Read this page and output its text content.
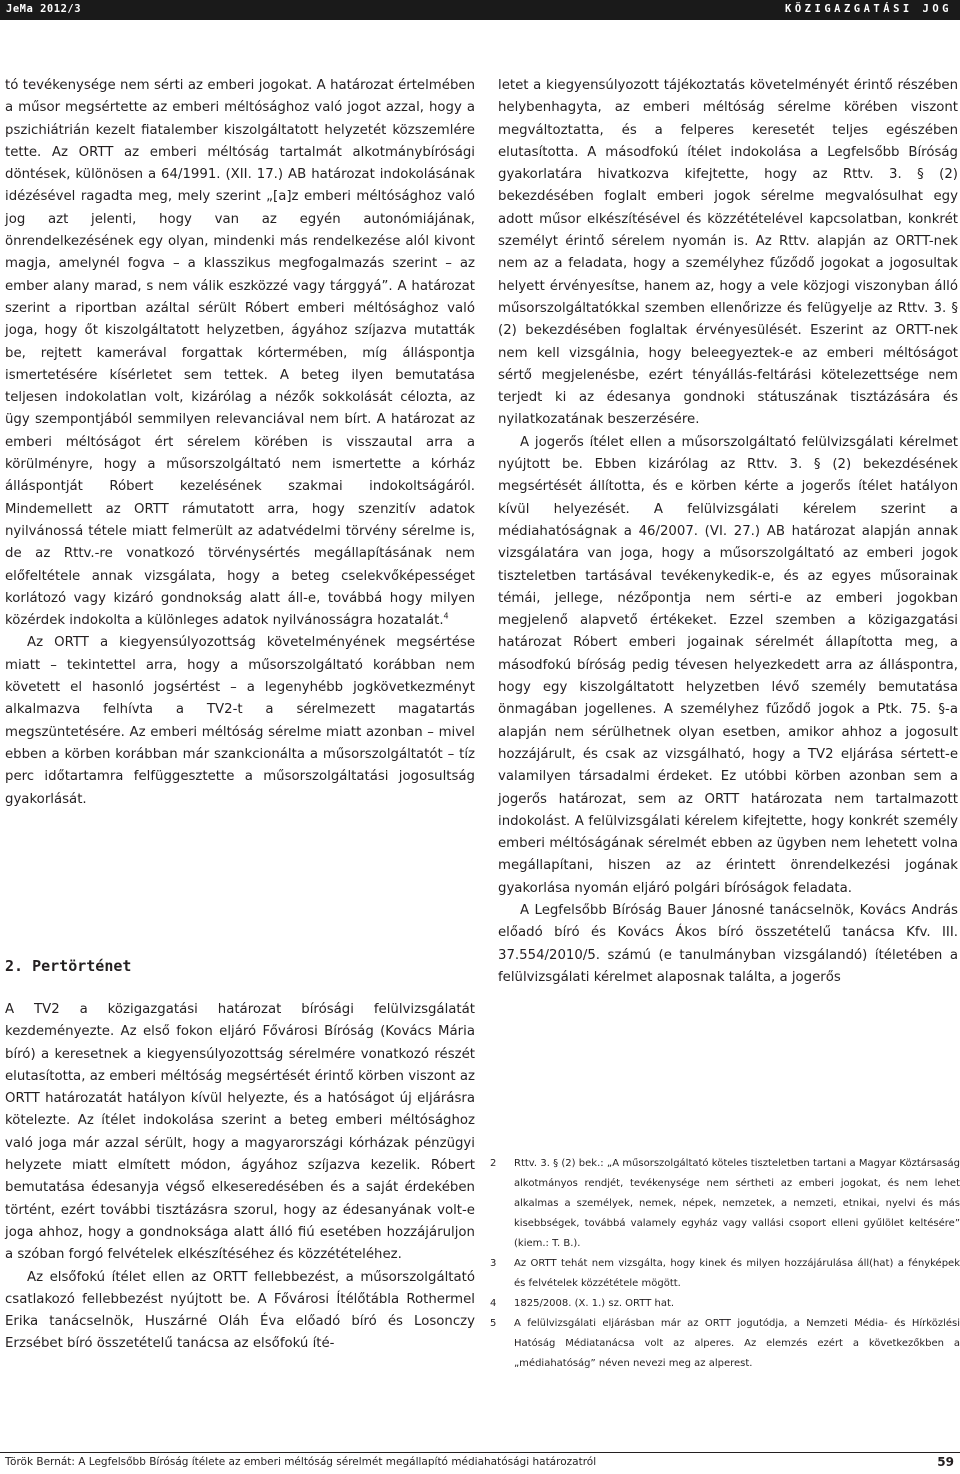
JeMa 2012/3	KÖZIGAZGATÁSI JOG

tó tevékenysége nem sérti az emberi jogokat. A határozat értelmében a műsor megsértette az emberi méltósághoz való jogot azzal, hogy a pszichiátrián kezelt fiatalember kiszolgáltatott helyzetét közszemlére tette. Az ORTT az emberi méltóság tartalmát alkotmánybírósági döntések, különösen a 64/1991. (XII. 17.) AB határozat indokolásának idézésével ragadta meg, mely szerint „[a]z emberi méltósághoz való jog azt jelenti, hogy van az egyén autonómiájának, önrendelkezésének egy olyan, mindenki más rendelkezése alól kivont magja, amelynél fogva – a klasszikus megfogalmazás szerint – az ember alany marad, s nem válik eszközzé vagy tárggyá”. A határozat szerint a riportban azáltal sérült Róbert emberi méltósághoz való joga, hogy őt kiszolgáltatott helyzetben, ágyához szíjazva mutatták be, rejtett kamerával forgattak kórtermében, míg álláspontja ismertetésére kísérletet sem tettek. A beteg ilyen bemutatása teljesen indokolatlan volt, kizárólag a nézők sokkolását célozta, az ügy szempontjából semmilyen relevanciával nem bírt. A határozat az emberi méltóságot ért sérelem körében is visszautal arra a körülményre, hogy a műsorszolgáltató nem ismertette a kórház álláspontját Róbert kezelésének szakmai indokoltságáról. Mindemellett az ORTT rámutatott arra, hogy szenzitív adatok nyilvánossá tétele miatt felmerült az adatvédelmi törvény sérelme is, de az Rttv.-re vonatkozó törvénysértés megállapításának nem előfeltétele annak vizsgálata, hogy a beteg cselekvőképességet korlátozó vagy kizáró gondnokság alatt áll-e, továbbá hogy milyen közérdek indokolta a különleges adatok nyilvánosságra hozatalát.$^4$

Az ORTT a kiegyensúlyozottság követelményének megsértése miatt – tekintettel arra, hogy a műsorszolgáltató korábban nem követett el hasonló jogsértést – a legenyhébb jogkövetkezményt alkalmazva felhívta a TV2-t a sérelmezett magatartás megszüntetésére. Az emberi méltóság sérelme miatt azonban – mivel ebben a körben korábban már szankcionálta a műsorszolgáltatót – tíz perc időtartamra felfüggesztette a műsorszolgáltatási jogosultság gyakorlását.

2. Pertörténet

A TV2 a közigazgatási határozat bírósági felülvizsgálatát kezdeményezte. Az első fokon eljáró Fővárosi Bíróság (Kovács Mária bíró) a keresetnek a kiegyensúlyozottság sérelmére vonatkozó részét elutasította, az emberi méltóság megsértését érintő körben viszont az ORTT határozatát hatályon kívül helyezte, és a hatóságot új eljárásra kötelezte. Az ítélet indokolása szerint a beteg emberi méltósághoz való joga már azzal sérült, hogy a magyarországi kórházak pénzügyi helyzete miatt elmített módon, ágyához szíjazva kezelik. Róbert bemutatása édesanyja végső elkeseredésében és a saját érdekében történt, ezért további tisztázásra szorul, hogy az édesanyának volt-e joga ahhoz, hogy a gondnoksága alatt álló fiú esetében hozzájáruljon a szóban forgó felvételek elkészítéséhez és közzétételéhez.

Az elsőfokú ítélet ellen az ORTT fellebbezést, a műsorszolgáltató csatlakozó fellebbezést nyújtott be. A Fővárosi Ítélőtábla Rothermel Erika tanácselnök, Huszárné Oláh Éva előadó bíró és Losonczy Erzsébet bíró összetételű tanácsa az elsőfokú íté-

letet a kiegyensúlyozott tájékoztatás követelményét érintő részében helybenhagyta, az emberi méltóság sérelme körében viszont megváltoztatta, és a felperes keresetét teljes egészében elutasította. A másodfokú ítélet indokolása a Legfelsőbb Bíróság gyakorlatára hivatkozva kifejtette, hogy az Rttv. 3. § (2) bekezdésében foglalt emberi jogok sérelme megvalósulhat egy adott műsor elkészítésével és közzétételével kapcsolatban, konkrét személyt érintő sérelem nyomán is. Az Rttv. alapján az ORTT-nek nem az a feladata, hogy a személyhez fűződő jogokat a jogosultak helyett érvényesítse, hanem az, hogy a vele közjogi viszonyban álló műsorszolgáltatókkal szemben ellenőrizze és felügyelje az Rttv. 3. § (2) bekezdésében foglaltak érvényesülését. Eszerint az ORTT-nek nem kell vizsgálnia, hogy beleegyeztek-e az emberi méltóságot sértő megjelenésbe, ezért tényállás-feltárási kötelezettsége nem terjedt ki az édesanya gondnoki státuszának tisztázására és nyilatkozatának beszerzésére.

A jogerős ítélet ellen a műsorszolgáltató felülvizsgálati kérelmet nyújtott be. Ebben kizárólag az Rttv. 3. § (2) bekezdésének megsértését állította, és e körben kérte a jogerős ítélet hatályon kívül helyezését. A felülvizsgálati kérelem szerint a médiahatóságnak a 46/2007. (VI. 27.) AB határozat alapján annak vizsgálatára van joga, hogy a műsorszolgáltató az emberi jogok tiszteletben tartásával tevékenykedik-e, és az egyes műsorainak témái, jellege, nézőpontja nem sérti-e az emberi jogokban megjelenő alapvető értékeket. Ezzel szemben a közigazgatási határozat Róbert emberi jogainak sérelmét állapította meg, a másodfokú bíróság pedig tévesen helyezkedett arra az álláspontra, hogy egy kiszolgáltatott helyzetben lévő személy bemutatása önmagában jogellenes. A személyhez fűződő jogok a Ptk. 75. §-a alapján nem sérülhetnek olyan esetben, amikor ahhoz a jogosult hozzájárult, és csak az vizsgálható, hogy a TV2 eljárása sértett-e valamilyen társadalmi érdeket. Ez utóbbi körben azonban sem a jogerős határozat, sem az ORTT határozata nem tartalmazott indokolást. A felülvizsgálati kérelem kifejtette, hogy konkrét személy emberi méltóságának sérelmét ebben az ügyben nem lehetett volna megállapítani, hiszen az az érintett önrendelkezési jogának gyakorlása nyomán eljáró polgári bíróságok feladata.

A Legfelsőbb Bíróság Bauer Jánosné tanácselnök, Kovács András előadó bíró és Kovács Ákos bíró összetételű tanácsa Kfv. III. 37.554/2010/5. számú (e tanulmányban vizsgálandó) ítéletében a felülvizsgálati kérelmet alaposnak találta, a jogerős

2 Rttv. 3. § (2) bek.: „A műsorszolgáltató köteles tiszteletben tartani a Magyar Köztársaság alkotmányos rendjét, tevékenysége nem sértheti az emberi jogokat, és nem lehet alkalmas a személyek, nemek, népek, nemzetek, a nemzeti, etnikai, nyelvi és más kisebbségek, továbbá valamely egyház vagy vallási csoport elleni gyűlölet keltésére” (kiem.: T. B.).
3 Az ORTT tehát nem vizsgálta, hogy kinek és milyen hozzájárulása áll(hat) a fényképek és felvételek közzététele mögött.
4 1825/2008. (X. 1.) sz. ORTT hat.
5 A felülvizsgálati eljárásban már az ORTT jogutódja, a Nemzeti Média- és Hírközlési Hatóság Médiatanácsa volt az alperes. Az elemzés ezért a következőkben a „médiahatóság” néven nevezi meg az alperest.
Török Bernát: A Legfelsőbb Bíróság ítélete az emberi méltóság sérelmét megállapító médiahatósági határozatról	59
